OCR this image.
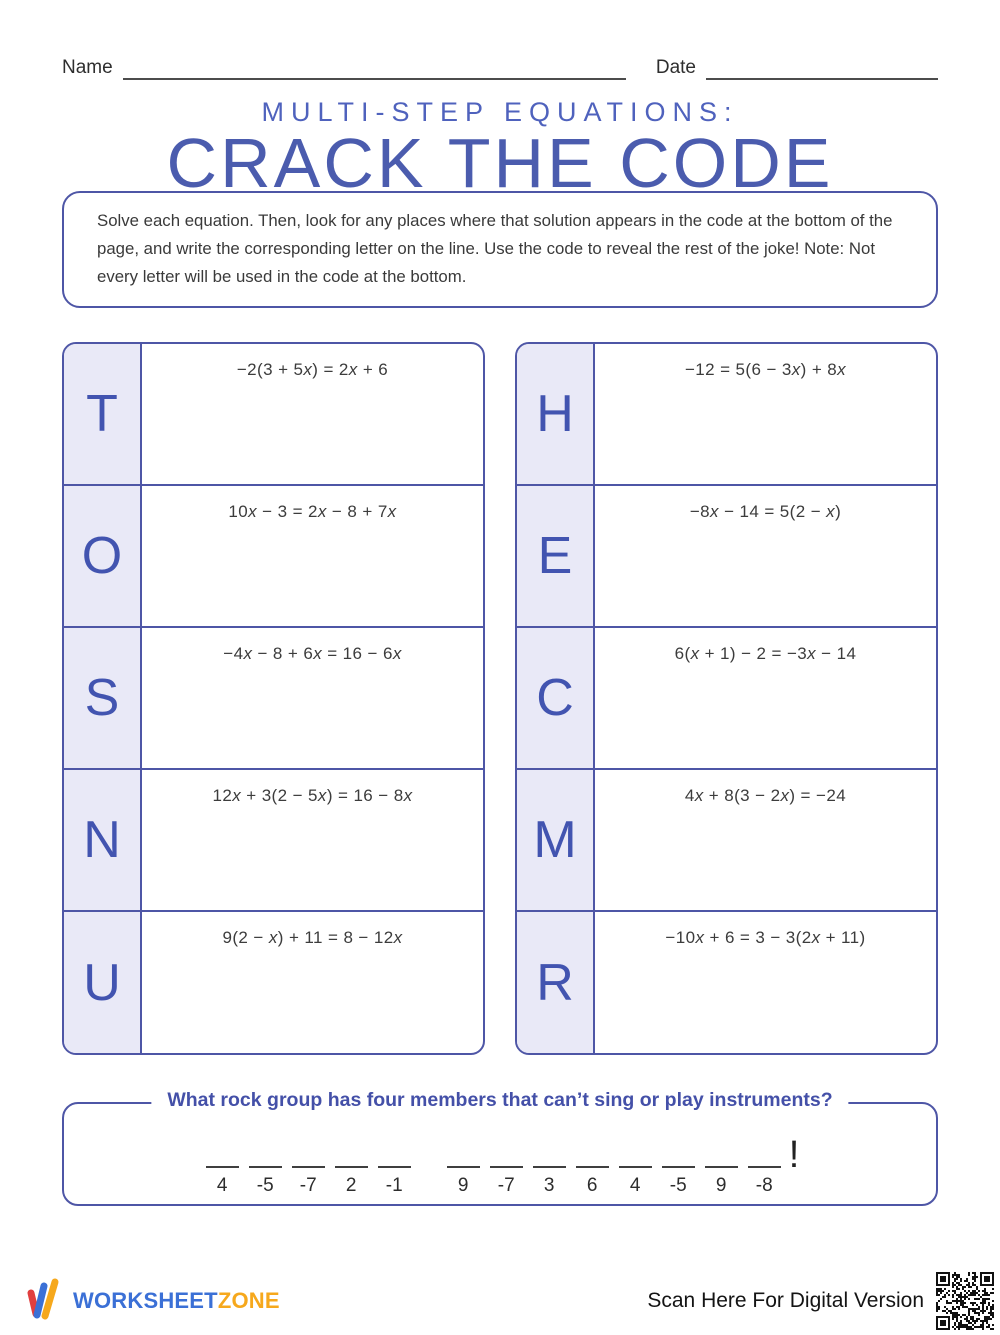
Name	Date
MULTI-STEP EQUATIONS:
CRACK THE CODE
Solve each equation. Then, look for any places where that solution appears in the code at the bottom of the page, and write the corresponding letter on the line. Use the code to reveal the rest of the joke! Note: Not every letter will be used in the code at the bottom.
T
−2(3 + 5x) = 2x + 6
O
10x − 3 = 2x − 8 + 7x
S
−4x − 8 + 6x = 16 − 6x
N
12x + 3(2 − 5x) = 16 − 8x
U
9(2 − x) + 11 = 8 − 12x
H
−12 = 5(6 − 3x) + 8x
E
−8x − 14 = 5(2 − x)
C
6(x + 1) − 2 = −3x − 14
M
4x + 8(3 − 2x) = −24
R
−10x + 6 = 3 − 3(2x + 11)
What rock group has four members that can’t sing or play instruments?
4	-5	-7	2	-1	9	-7	3	6	4	-5	9	-8
!
WORKSHEETZONE	Scan Here For Digital Version
